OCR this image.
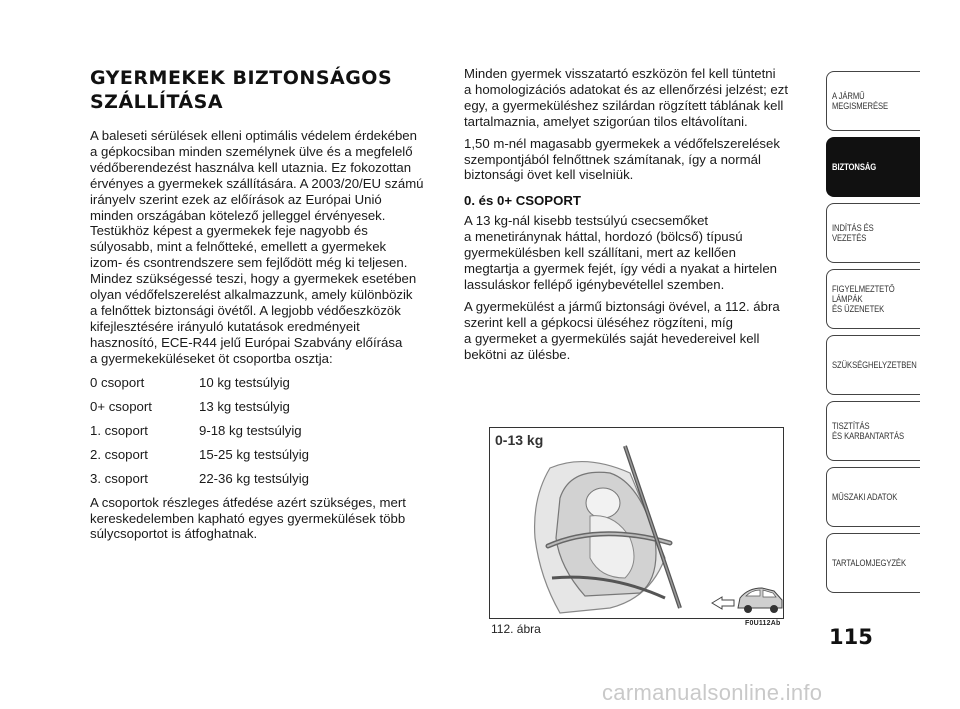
GYERMEKEK BIZTONSÁGOS
SZÁLLÍTÁSA

A baleseti sérülések elleni optimális védelem érdekében
a gépkocsiban minden személynek ülve és a megfelelő
védőberendezést használva kell utaznia. Ez fokozottan
érvényes a gyermekek szállítására. A 2003/20/EU számú
irányelv szerint ezek az előírások az Európai Unió
minden országában kötelező jelleggel érvényesek.
Testükhöz képest a gyermekek feje nagyobb és
súlyosabb, mint a felnőtteké, emellett a gyermekek
izom- és csontrendszere sem fejlődött még ki teljesen.
Mindez szükségessé teszi, hogy a gyermekek esetében
olyan védőfelszerelést alkalmazzunk, amely különbözik
a felnőttek biztonsági övétől. A legjobb védőeszközök
kifejlesztésére irányuló kutatások eredményeit
hasznosító, ECE-R44 jelű Európai Szabvány előírása
a gyermekeküléseket öt csoportba osztja:

0 csoport	10 kg testsúlyig
0+ csoport	13 kg testsúlyig
1. csoport	9-18 kg testsúlyig
2. csoport	15-25 kg testsúlyig
3. csoport	22-36 kg testsúlyig

A csoportok részleges átfedése azért szükséges, mert
kereskedelemben kapható egyes gyermekülések több
súlycsoportot is átfoghatnak.

Minden gyermek visszatartó eszközön fel kell tüntetni
a homologizációs adatokat és az ellenőrzési jelzést; ezt
egy, a gyermeküléshez szilárdan rögzített táblának kell
tartalmaznia, amelyet szigorúan tilos eltávolítani.

1,50 m-nél magasabb gyermekek a védőfelszerelések
szempontjából felnőttnek számítanak, így a normál
biztonsági övet kell viselniük.

0. és 0+ CSOPORT

A 13 kg-nál kisebb testsúlyú csecsemőket
a menetiránynak háttal, hordozó (bölcső) típusú
gyermekülésben kell szállítani, mert az kellően
megtartja a gyermek fejét, így védi a nyakat a hirtelen
lassuláskor fellépő igénybevétellel szemben.

A gyermekülést a jármű biztonsági övével, a 112. ábra
szerint kell a gépkocsi üléséhez rögzíteni, míg
a gyermeket a gyermekülés saját hevedereivel kell
bekötni az ülésbe.

0-13 kg
112. ábra	F0U112Ab
A JÁRMŰ
MEGISMERÉSE
BIZTONSÁG
INDÍTÁS ÉS VEZETÉS
FIGYELMEZTETŐ
LÁMPÁK
ÉS ÜZENETEK
SZÜKSÉGHELYZETBEN
TISZTÍTÁS
ÉS KARBANTARTÁS
MŰSZAKI ADATOK
TARTALOMJEGYZÉK
115
carmanualsonline.info
